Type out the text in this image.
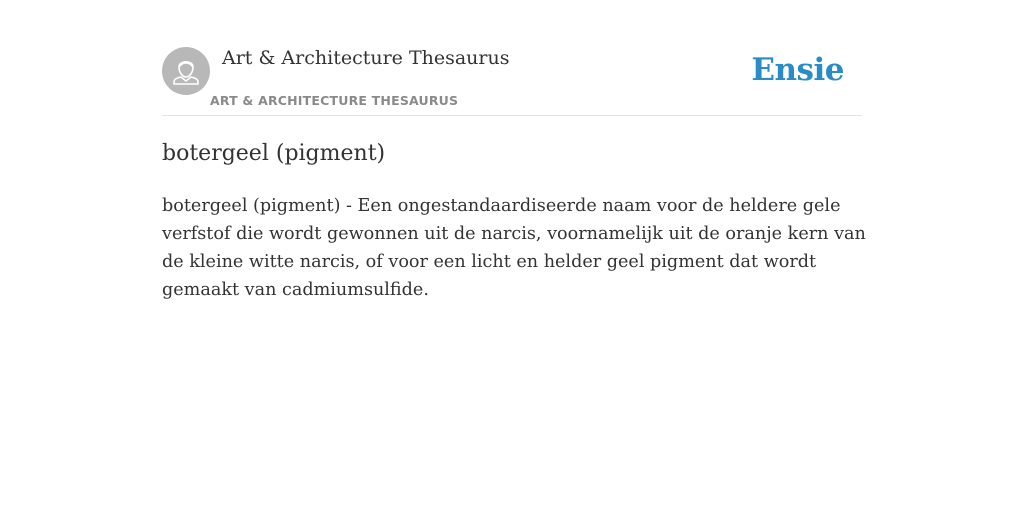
Art & Architecture Thesaurus
ART & ARCHITECTURE THESAURUS
Ensie
botergeel (pigment)

botergeel (pigment) - Een ongestandaardiseerde naam voor de heldere gele verfstof die wordt gewonnen uit de narcis, voornamelijk uit de oranje kern van de kleine witte narcis, of voor een licht en helder geel pigment dat wordt gemaakt van cadmiumsulfide.
